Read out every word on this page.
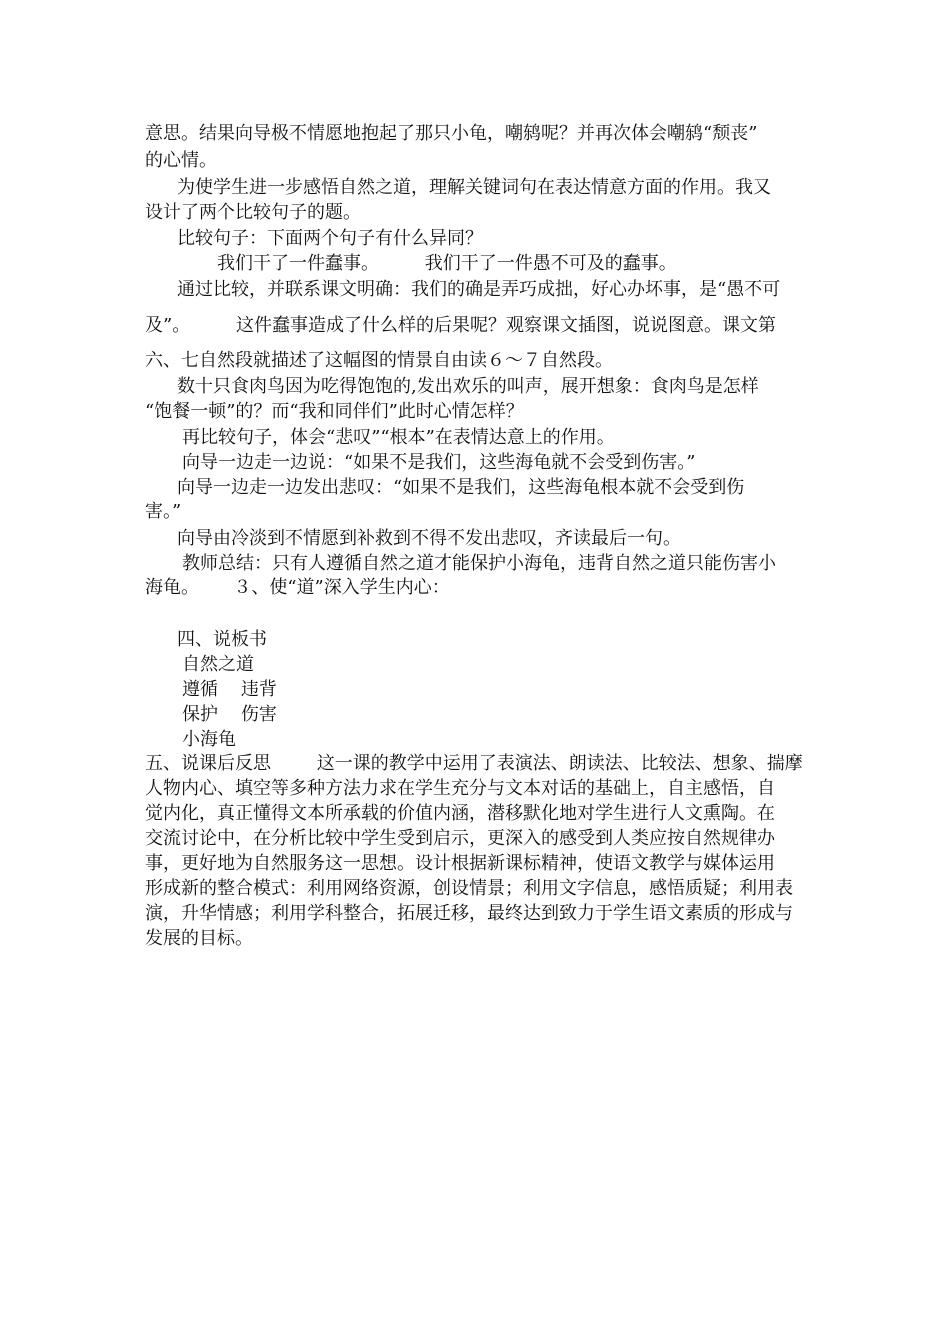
意思。结果向导极不情愿地抱起了那只小龟，嘲鸫呢？并再次体会嘲鸫“颓丧”
的心情。
为使学生进一步感悟自然之道，理解关键词句在表达情意方面的作用。我又
设计了两个比较句子的题。
比较句子：下面两个句子有什么异同？
我们干了一件蠢事。        我们干了一件愚不可及的蠢事。
通过比较，并联系课文明确：我们的确是弄巧成拙，好心办坏事，是“愚不可
及”。        这件蠢事造成了什么样的后果呢？观察课文插图，说说图意。课文第
六、七自然段就描述了这幅图的情景自由读６～７自然段。
数十只食肉鸟因为吃得饱饱的,发出欢乐的叫声，展开想象：食肉鸟是怎样
“饱餐一顿”的？而“我和同伴们”此时心情怎样？
再比较句子，体会“悲叹”“根本”在表情达意上的作用。
向导一边走一边说：“如果不是我们，这些海龟就不会受到伤害。”
向导一边走一边发出悲叹：“如果不是我们，这些海龟根本就不会受到伤
害。”
向导由冷淡到不情愿到补救到不得不发出悲叹，齐读最后一句。
教师总结：只有人遵循自然之道才能保护小海龟，违背自然之道只能伤害小
海龟。      ３、使“道”深入学生内心：
四、说板书
自然之道
遵循    违背
保护    伤害
小海龟
五、说课后反思        这一课的教学中运用了表演法、朗读法、比较法、想象、揣摩
人物内心、填空等多种方法力求在学生充分与文本对话的基础上，自主感悟，自
觉内化，真正懂得文本所承载的价值内涵，潜移默化地对学生进行人文熏陶。在
交流讨论中，在分析比较中学生受到启示，更深入的感受到人类应按自然规律办
事，更好地为自然服务这一思想。设计根据新课标精神，使语文教学与媒体运用
形成新的整合模式：利用网络资源，创设情景；利用文字信息，感悟质疑；利用表
演，升华情感；利用学科整合，拓展迁移，最终达到致力于学生语文素质的形成与
发展的目标。
